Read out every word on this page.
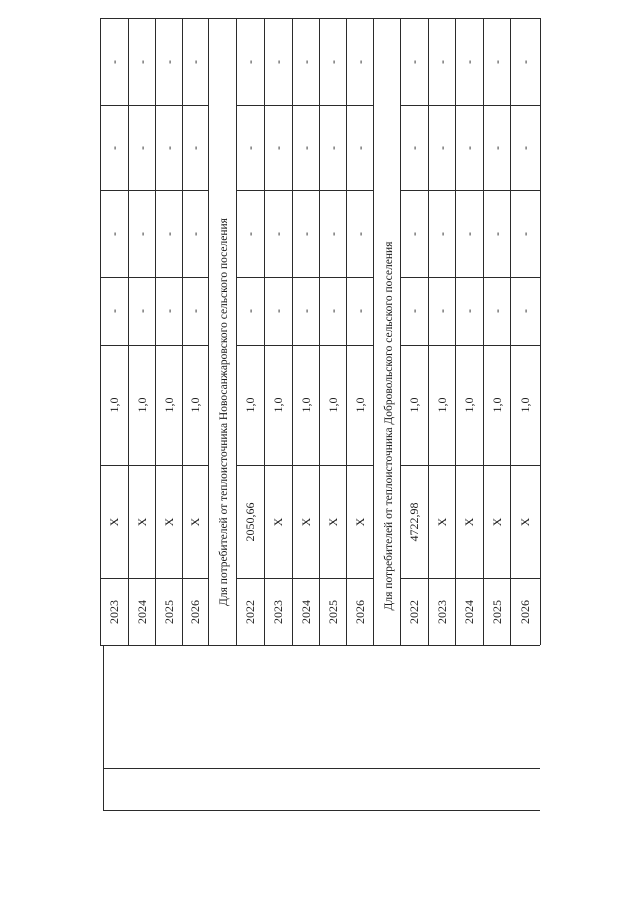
-
-
-
-
1,0
X
2023
-
-
-
-
1,0
X
2024
-
-
-
-
1,0
X
2025
-
-
-
-
1,0
X
2026
-
-
-
-
1,0
2050,66
2022
-
-
-
-
1,0
X
2023
-
-
-
-
1,0
X
2024
-
-
-
-
1,0
X
2025
-
-
-
-
1,0
X
2026
-
-
-
-
1,0
4722,98
2022
-
-
-
-
1,0
X
2023
-
-
-
-
1,0
X
2024
-
-
-
-
1,0
X
2025
-
-
-
-
1,0
X
2026
Для потребителей от теплоисточника Новосанжаровского сельского поселения	Для потребителей от теплоисточника Добровольского сельского поселения
